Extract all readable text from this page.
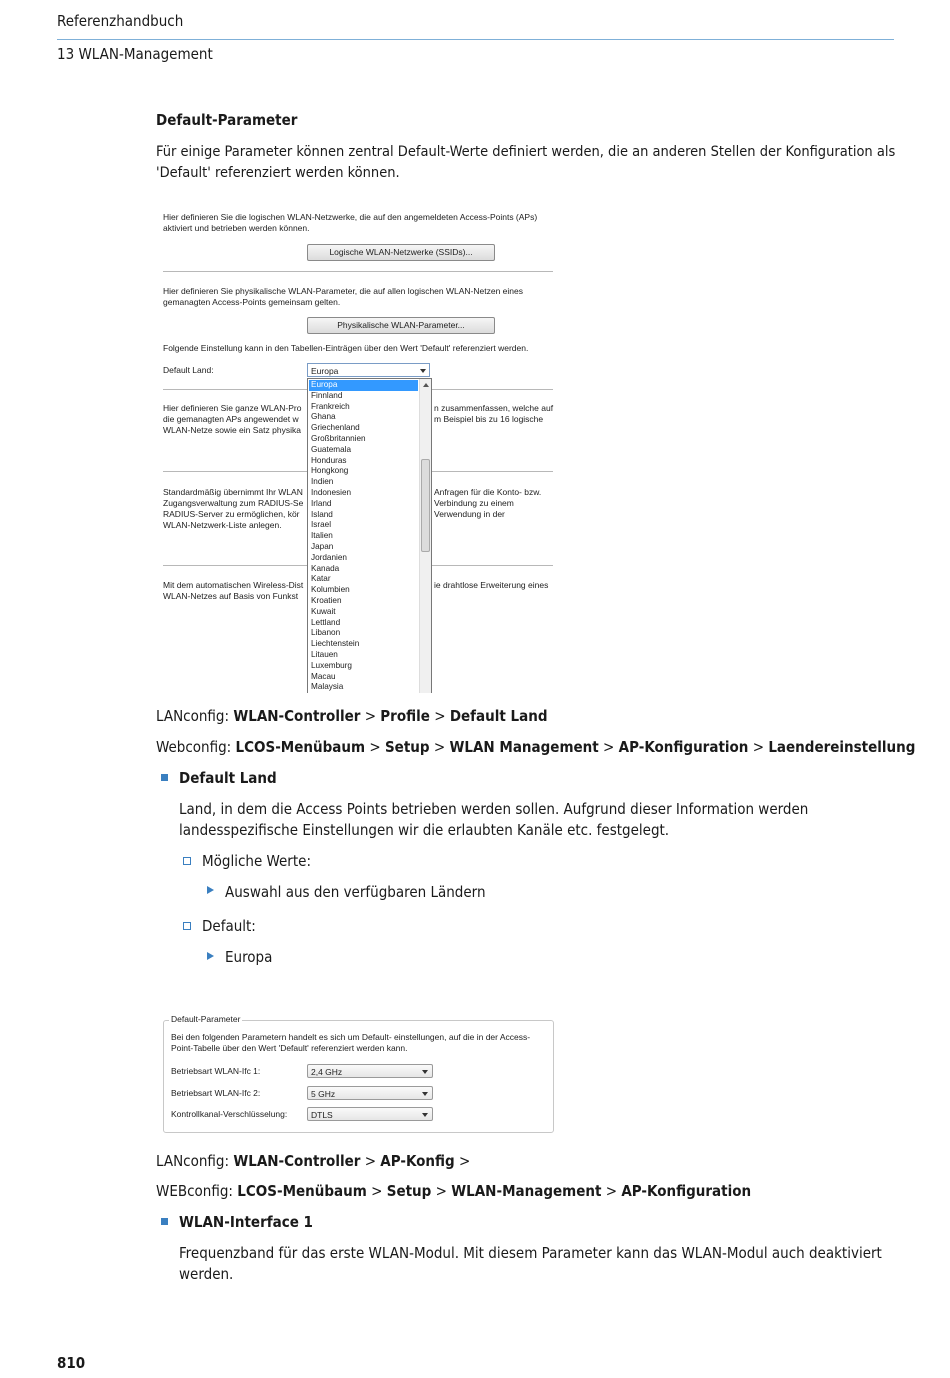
Referenzhandbuch
13 WLAN-Management
Default-Parameter
Für einige Parameter können zentral Default-Werte definiert werden, die an anderen Stellen der Konfiguration als 'Default' referenziert werden können.
Hier definieren Sie die logischen WLAN-Netzwerke, die auf den angemeldeten Access-Points (APs) aktiviert und betrieben werden können.
Logische WLAN-Netzwerke (SSIDs)...
Hier definieren Sie physikalische WLAN-Parameter, die auf allen logischen WLAN-Netzen eines gemanagten Access-Points gemeinsam gelten.
Physikalische WLAN-Parameter...
Folgende Einstellung kann in den Tabellen-Einträgen über den Wert 'Default' referenziert werden.
Default Land:	Europa
Hier definieren Sie ganze WLAN-Pro die gemanagten APs angewendet w WLAN-Netze sowie ein Satz physika
n zusammenfassen, welche auf m Beispiel bis zu 16 logische
Standardmäßig übernimmt Ihr WLAN Zugangsverwaltung zum RADIUS-Se RADIUS-Server zu ermöglichen, kör WLAN-Netzwerk-Liste anlegen.
Anfragen für die Konto- bzw. Verbindung zu einem Verwendung in der
Mit dem automatischen Wireless-Dist WLAN-Netzes auf Basis von Funkst
ie drahtlose Erweiterung eines
Europa
Finnland
Frankreich
Ghana
Griechenland
Großbritannien
Guatemala
Honduras
Hongkong
Indien
Indonesien
Irland
Island
Israel
Italien
Japan
Jordanien
Kanada
Katar
Kolumbien
Kroatien
Kuwait
Lettland
Libanon
Liechtenstein
Litauen
Luxemburg
Macau
Malaysia
LANconfig: WLAN-Controller > Profile > Default Land
Webconfig: LCOS-Menübaum > Setup > WLAN Management > AP-Konfiguration > Laendereinstellung
Default Land
Land, in dem die Access Points betrieben werden sollen. Aufgrund dieser Information werden landesspezifische Einstellungen wir die erlaubten Kanäle etc. festgelegt.
Mögliche Werte:
Auswahl aus den verfügbaren Ländern
Default:
Europa
Default-Parameter
Bei den folgenden Parametern handelt es sich um Default- einstellungen, auf die in der Access-Point-Tabelle über den Wert 'Default' referenziert werden kann.
Betriebsart WLAN-Ifc 1:	2,4 GHz
Betriebsart WLAN-Ifc 2:	5 GHz
Kontrollkanal-Verschlüsselung:	DTLS
LANconfig: WLAN-Controller > AP-Konfig >
WEBconfig: LCOS-Menübaum > Setup > WLAN-Management > AP-Konfiguration
WLAN-Interface 1
Frequenzband für das erste WLAN-Modul. Mit diesem Parameter kann das WLAN-Modul auch deaktiviert werden.
810
